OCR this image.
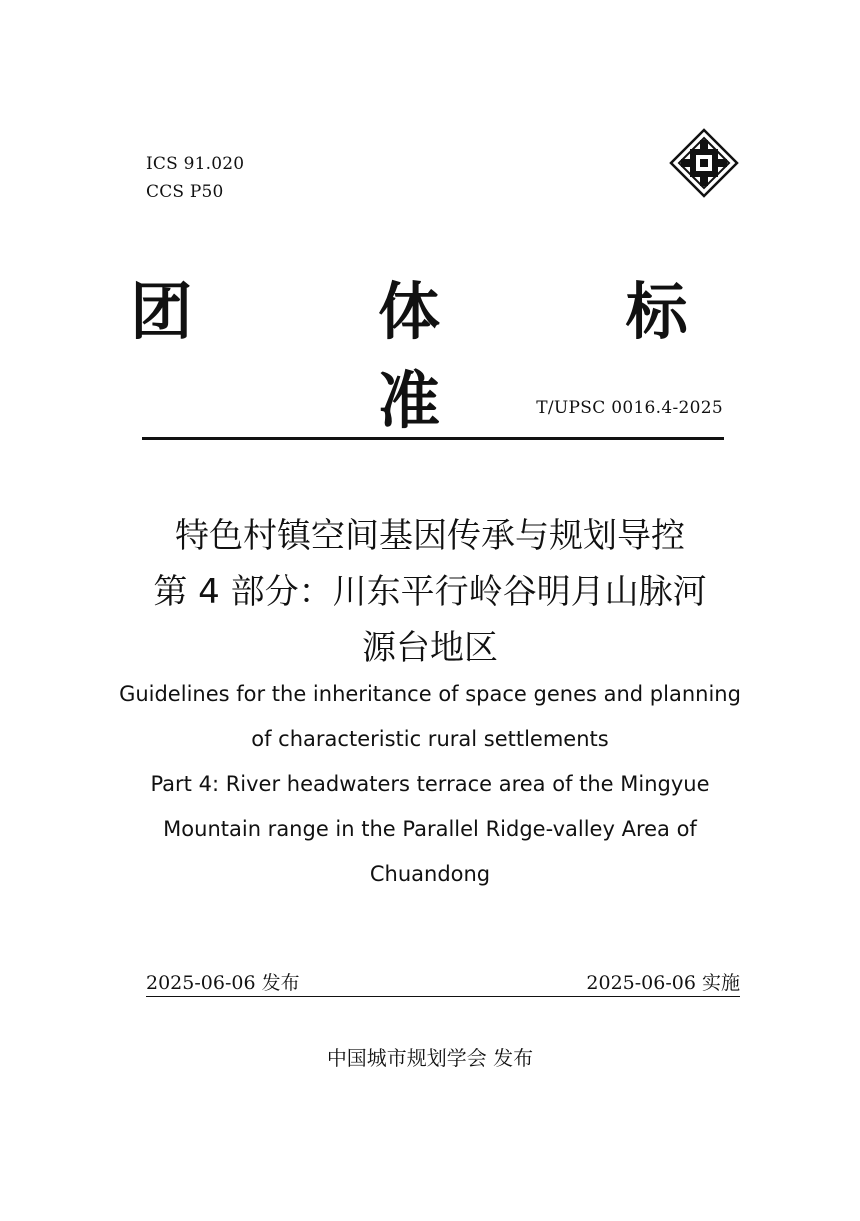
ICS 91.020
CCS P50
团 体 标 准 T/UPSC 0016.4-2025
特色村镇空间基因传承与规划导控
第 4 部分：川东平行岭谷明月山脉河
源台地区
Guidelines for the inheritance of space genes and planning
of characteristic rural settlements
Part 4: River headwaters terrace area of the Mingyue
Mountain range in the Parallel Ridge-valley Area of
Chuandong
2025-06-06 发布	2025-06-06 实施
中国城市规划学会 发布
